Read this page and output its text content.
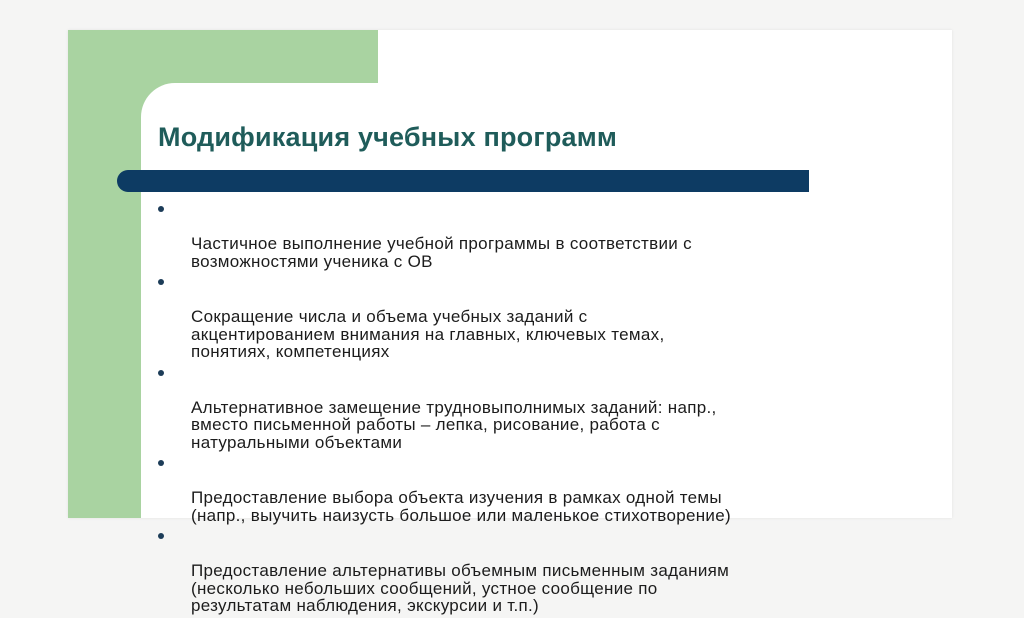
Модификация учебных программ

Частичное выполнение учебной программы в соответствии с
возможностями ученика с ОВ

Сокращение числа и объема учебных заданий с
акцентированием внимания на главных, ключевых темах,
понятиях, компетенциях

Альтернативное замещение трудновыполнимых заданий: напр.,
вместо письменной работы – лепка, рисование, работа с
натуральными объектами

Предоставление выбора объекта изучения в рамках одной темы
(напр., выучить наизусть большое или маленькое стихотворение)

Предоставление альтернативы объемным письменным заданиям
(несколько небольших сообщений, устное сообщение по
результатам наблюдения, экскурсии и т.п.)
